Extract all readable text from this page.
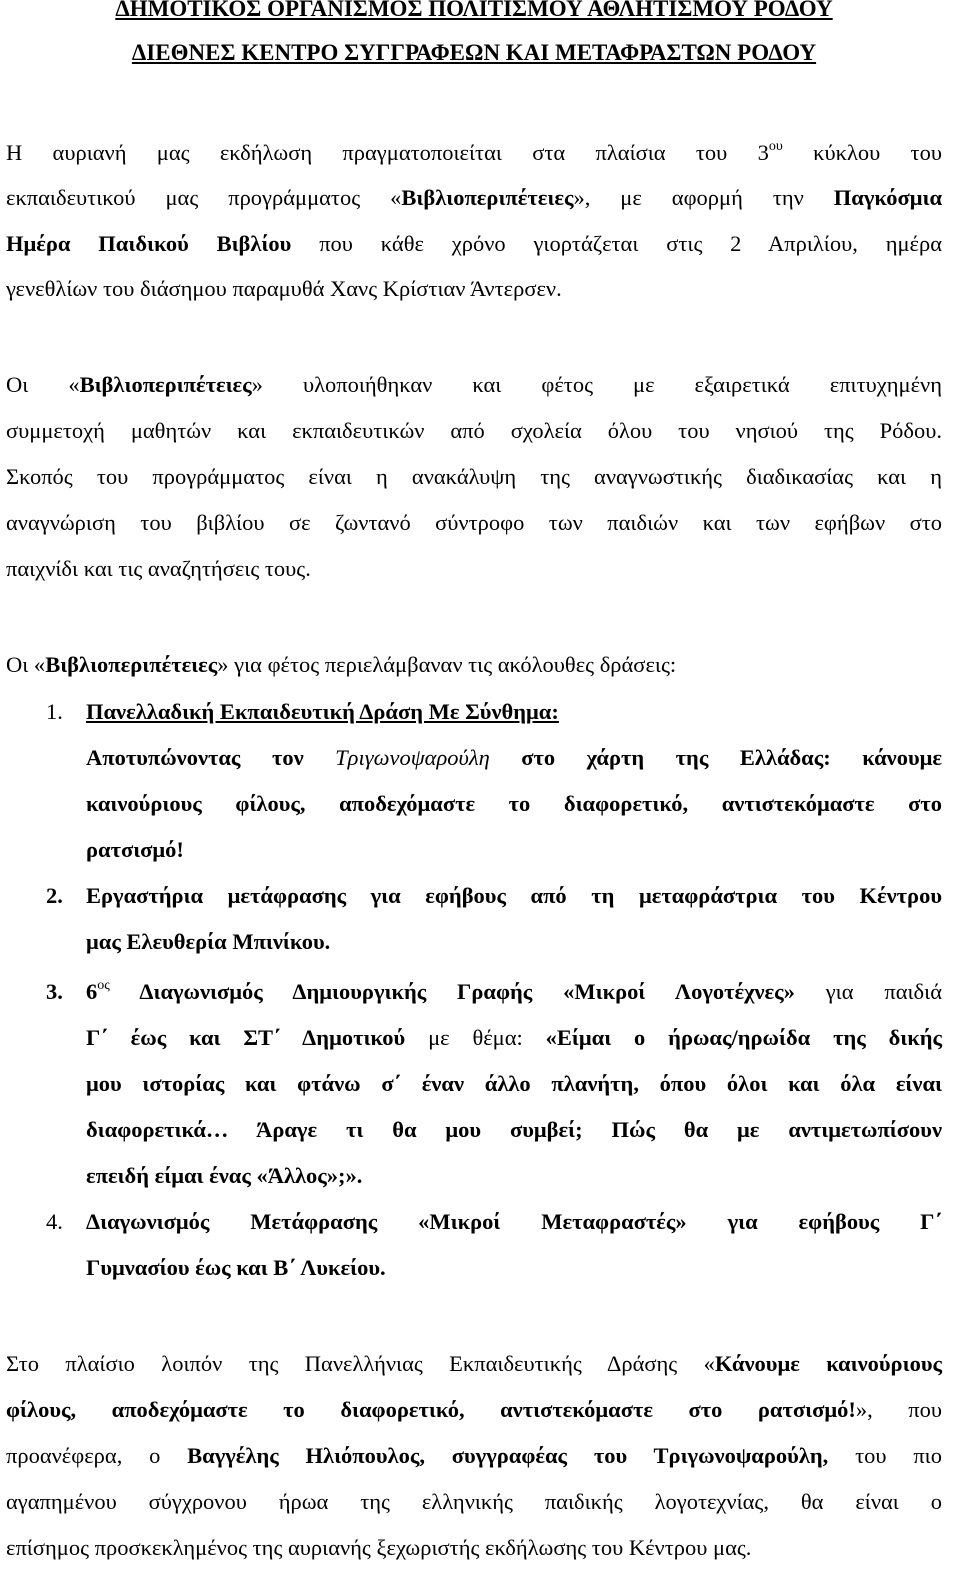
ΔΗΜΟΤΙΚΟΣ ΟΡΓΑΝΙΣΜΟΣ ΠΟΛΙΤΙΣΜΟΥ ΑΘΛΗΤΙΣΜΟΥ ΡΟΔΟΥ
ΔΙΕΘΝΕΣ ΚΕΝΤΡΟ ΣΥΓΓΡΑΦΕΩΝ ΚΑΙ ΜΕΤΑΦΡΑΣΤΩΝ ΡΟΔΟΥ
Η αυριανή μας εκδήλωση πραγματοποιείται στα πλαίσια του $3^{o\upsilon}$ κύκλου του
εκπαιδευτικού μας προγράμματος «Βιβλιοπεριπέτειες», με αφορμή την Παγκόσμια
Ημέρα Παιδικού Βιβλίου που κάθε χρόνο γιορτάζεται στις 2 Απριλίου, ημέρα
γενεθλίων του διάσημου παραμυθά Χανς Κρίστιαν Άντερσεν.
Οι «Βιβλιοπεριπέτειες» υλοποιήθηκαν και φέτος με εξαιρετικά επιτυχημένη
συμμετοχή μαθητών και εκπαιδευτικών από σχολεία όλου του νησιού της Ρόδου.
Σκοπός του προγράμματος είναι η ανακάλυψη της αναγνωστικής διαδικασίας και η
αναγνώριση του βιβλίου σε ζωντανό σύντροφο των παιδιών και των εφήβων στο
παιχνίδι και τις αναζητήσεις τους.
Οι «Βιβλιοπεριπέτειες» για φέτος περιελάμβαναν τις ακόλουθες δράσεις:
1. Πανελλαδική Εκπαιδευτική Δράση Με Σύνθημα:
Αποτυπώνοντας τον Τριγωνοψαρούλη στο χάρτη της Ελλάδας: κάνουμε
καινούριους φίλους, αποδεχόμαστε το διαφορετικό, αντιστεκόμαστε στο
ρατσισμό!
2. Εργαστήρια μετάφρασης για εφήβους από τη μεταφράστρια του Κέντρου
μας Ελευθερία Μπινίκου.
3. $6^{o\varsigma}$ Διαγωνισμός Δημιουργικής Γραφής «Μικροί Λογοτέχνες» για παιδιά
Γ΄ έως και ΣΤ΄ Δημοτικού με θέμα: «Είμαι ο ήρωας/ηρωίδα της δικής
μου ιστορίας και φτάνω σ΄ έναν άλλο πλανήτη, όπου όλοι και όλα είναι
διαφορετικά… Άραγε τι θα μου συμβεί; Πώς θα με αντιμετωπίσουν
επειδή είμαι ένας «Άλλος»;».
4. Διαγωνισμός Μετάφρασης «Μικροί Μεταφραστές» για εφήβους Γ΄
Γυμνασίου έως και Β΄ Λυκείου.
Στο πλαίσιο λοιπόν της Πανελλήνιας Εκπαιδευτικής Δράσης «Κάνουμε καινούριους
φίλους, αποδεχόμαστε το διαφορετικό, αντιστεκόμαστε στο ρατσισμό!», που
προανέφερα, ο Βαγγέλης Ηλιόπουλος, συγγραφέας του Τριγωνοψαρούλη, του πιο
αγαπημένου σύγχρονου ήρωα της ελληνικής παιδικής λογοτεχνίας, θα είναι ο
επίσημος προσκεκλημένος της αυριανής ξεχωριστής εκδήλωσης του Κέντρου μας.
